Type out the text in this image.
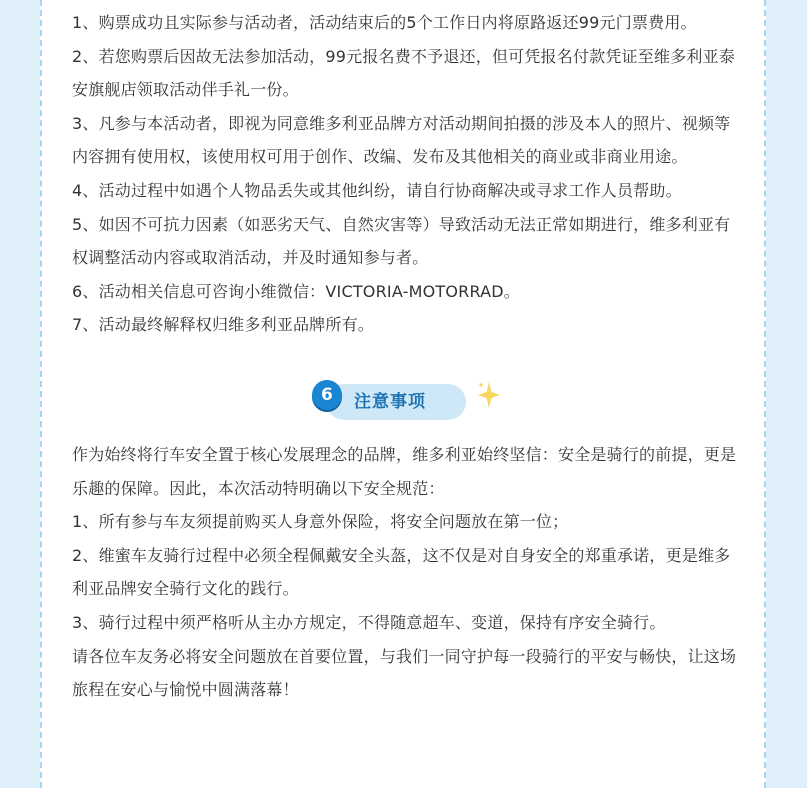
1、购票成功且实际参与活动者，活动结束后的5个工作日内将原路返还99元门票费用。

2、若您购票后因故无法参加活动，99元报名费不予退还，但可凭报名付款凭证至维多利亚泰安旗舰店领取活动伴手礼一份。

3、凡参与本活动者，即视为同意维多利亚品牌方对活动期间拍摄的涉及本人的照片、视频等内容拥有使用权，该使用权可用于创作、改编、发布及其他相关的商业或非商业用途。

4、活动过程中如遇个人物品丢失或其他纠纷，请自行协商解决或寻求工作人员帮助。

5、如因不可抗力因素（如恶劣天气、自然灾害等）导致活动无法正常如期进行，维多利亚有权调整活动内容或取消活动，并及时通知参与者。

6、活动相关信息可咨询小维微信：VICTORIA-MOTORRAD。

7、活动最终解释权归维多利亚品牌所有。

6	注意事项

作为始终将行车安全置于核心发展理念的品牌，维多利亚始终坚信：安全是骑行的前提，更是乐趣的保障。因此，本次活动特明确以下安全规范：

1、所有参与车友须提前购买人身意外保险，将安全问题放在第一位；

2、维蜜车友骑行过程中必须全程佩戴安全头盔，这不仅是对自身安全的郑重承诺，更是维多利亚品牌安全骑行文化的践行。

3、骑行过程中须严格听从主办方规定，不得随意超车、变道，保持有序安全骑行。

请各位车友务必将安全问题放在首要位置，与我们一同守护每一段骑行的平安与畅快，让这场旅程在安心与愉悦中圆满落幕！
